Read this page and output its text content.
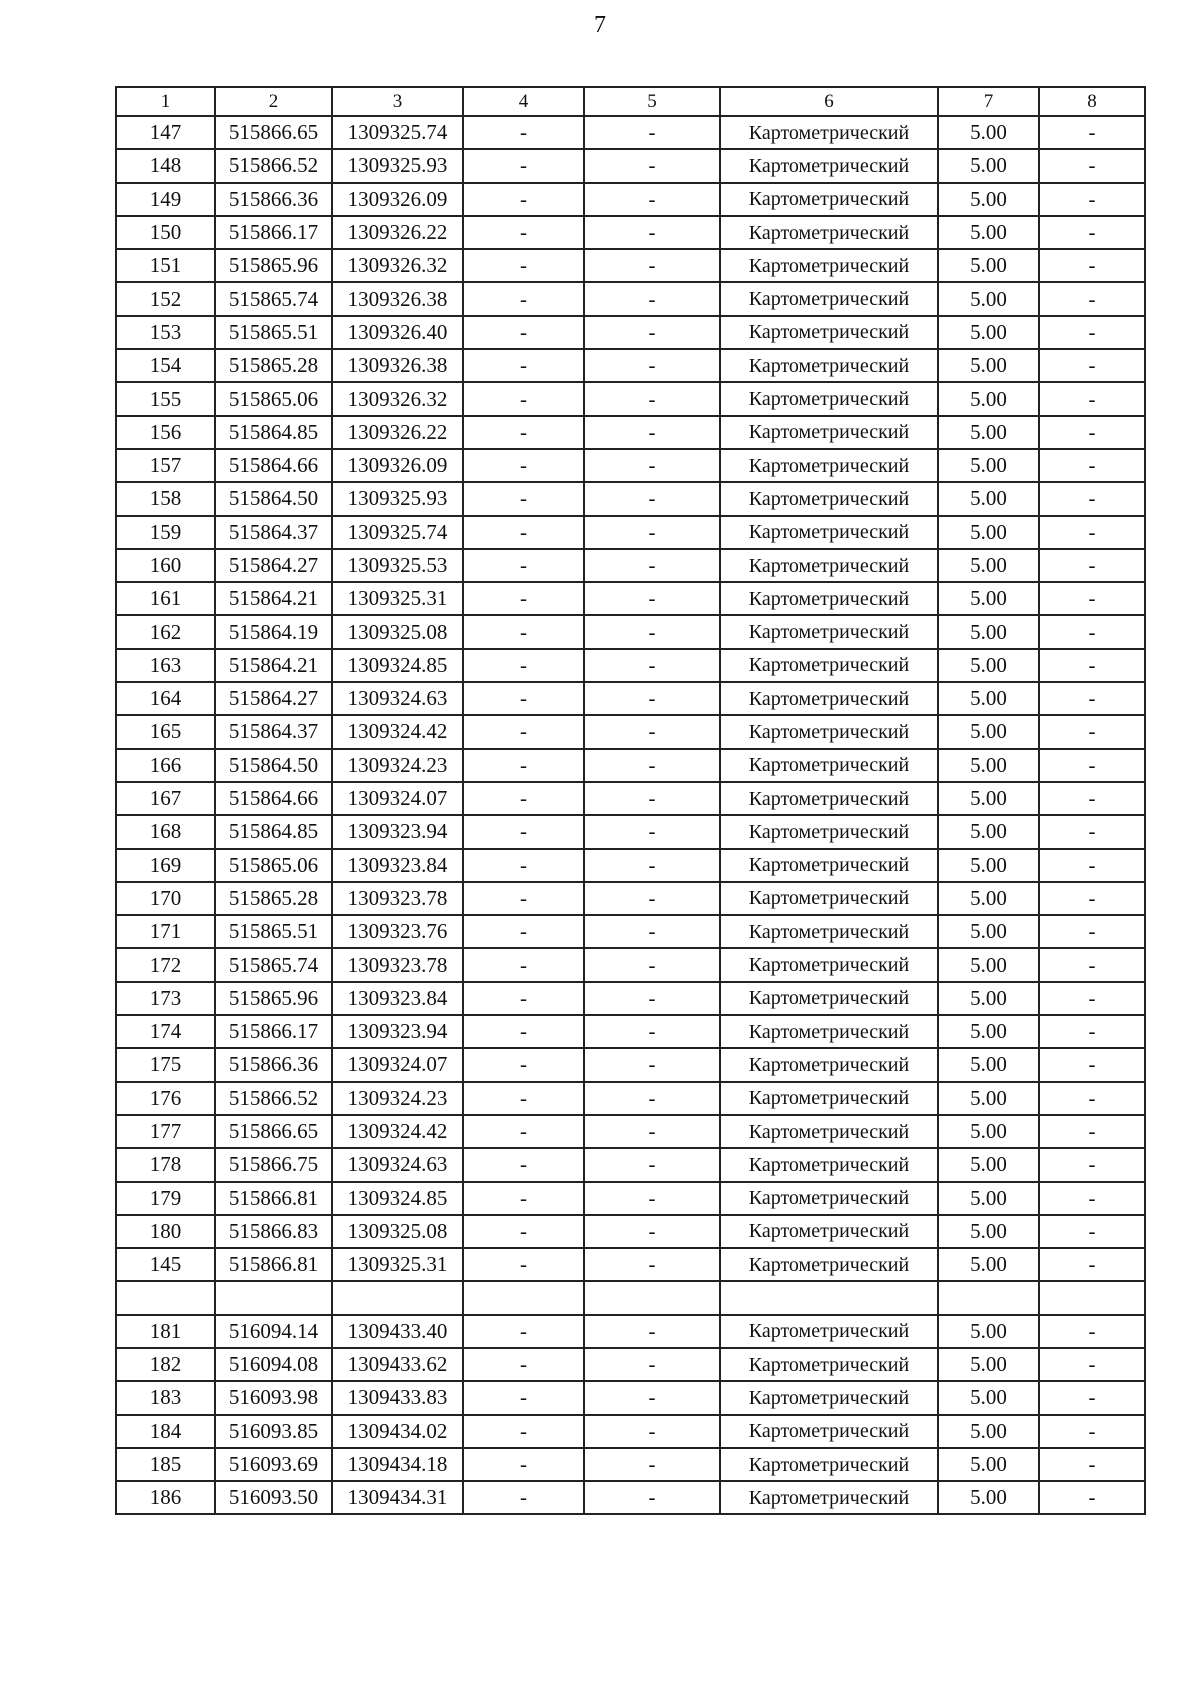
7
1	2	3	4	5	6	7	8
147	515866.65	1309325.74	-	-	Картометрический	5.00	-
148	515866.52	1309325.93	-	-	Картометрический	5.00	-
149	515866.36	1309326.09	-	-	Картометрический	5.00	-
150	515866.17	1309326.22	-	-	Картометрический	5.00	-
151	515865.96	1309326.32	-	-	Картометрический	5.00	-
152	515865.74	1309326.38	-	-	Картометрический	5.00	-
153	515865.51	1309326.40	-	-	Картометрический	5.00	-
154	515865.28	1309326.38	-	-	Картометрический	5.00	-
155	515865.06	1309326.32	-	-	Картометрический	5.00	-
156	515864.85	1309326.22	-	-	Картометрический	5.00	-
157	515864.66	1309326.09	-	-	Картометрический	5.00	-
158	515864.50	1309325.93	-	-	Картометрический	5.00	-
159	515864.37	1309325.74	-	-	Картометрический	5.00	-
160	515864.27	1309325.53	-	-	Картометрический	5.00	-
161	515864.21	1309325.31	-	-	Картометрический	5.00	-
162	515864.19	1309325.08	-	-	Картометрический	5.00	-
163	515864.21	1309324.85	-	-	Картометрический	5.00	-
164	515864.27	1309324.63	-	-	Картометрический	5.00	-
165	515864.37	1309324.42	-	-	Картометрический	5.00	-
166	515864.50	1309324.23	-	-	Картометрический	5.00	-
167	515864.66	1309324.07	-	-	Картометрический	5.00	-
168	515864.85	1309323.94	-	-	Картометрический	5.00	-
169	515865.06	1309323.84	-	-	Картометрический	5.00	-
170	515865.28	1309323.78	-	-	Картометрический	5.00	-
171	515865.51	1309323.76	-	-	Картометрический	5.00	-
172	515865.74	1309323.78	-	-	Картометрический	5.00	-
173	515865.96	1309323.84	-	-	Картометрический	5.00	-
174	515866.17	1309323.94	-	-	Картометрический	5.00	-
175	515866.36	1309324.07	-	-	Картометрический	5.00	-
176	515866.52	1309324.23	-	-	Картометрический	5.00	-
177	515866.65	1309324.42	-	-	Картометрический	5.00	-
178	515866.75	1309324.63	-	-	Картометрический	5.00	-
179	515866.81	1309324.85	-	-	Картометрический	5.00	-
180	515866.83	1309325.08	-	-	Картометрический	5.00	-
145	515866.81	1309325.31	-	-	Картометрический	5.00	-

181	516094.14	1309433.40	-	-	Картометрический	5.00	-
182	516094.08	1309433.62	-	-	Картометрический	5.00	-
183	516093.98	1309433.83	-	-	Картометрический	5.00	-
184	516093.85	1309434.02	-	-	Картометрический	5.00	-
185	516093.69	1309434.18	-	-	Картометрический	5.00	-
186	516093.50	1309434.31	-	-	Картометрический	5.00	-
